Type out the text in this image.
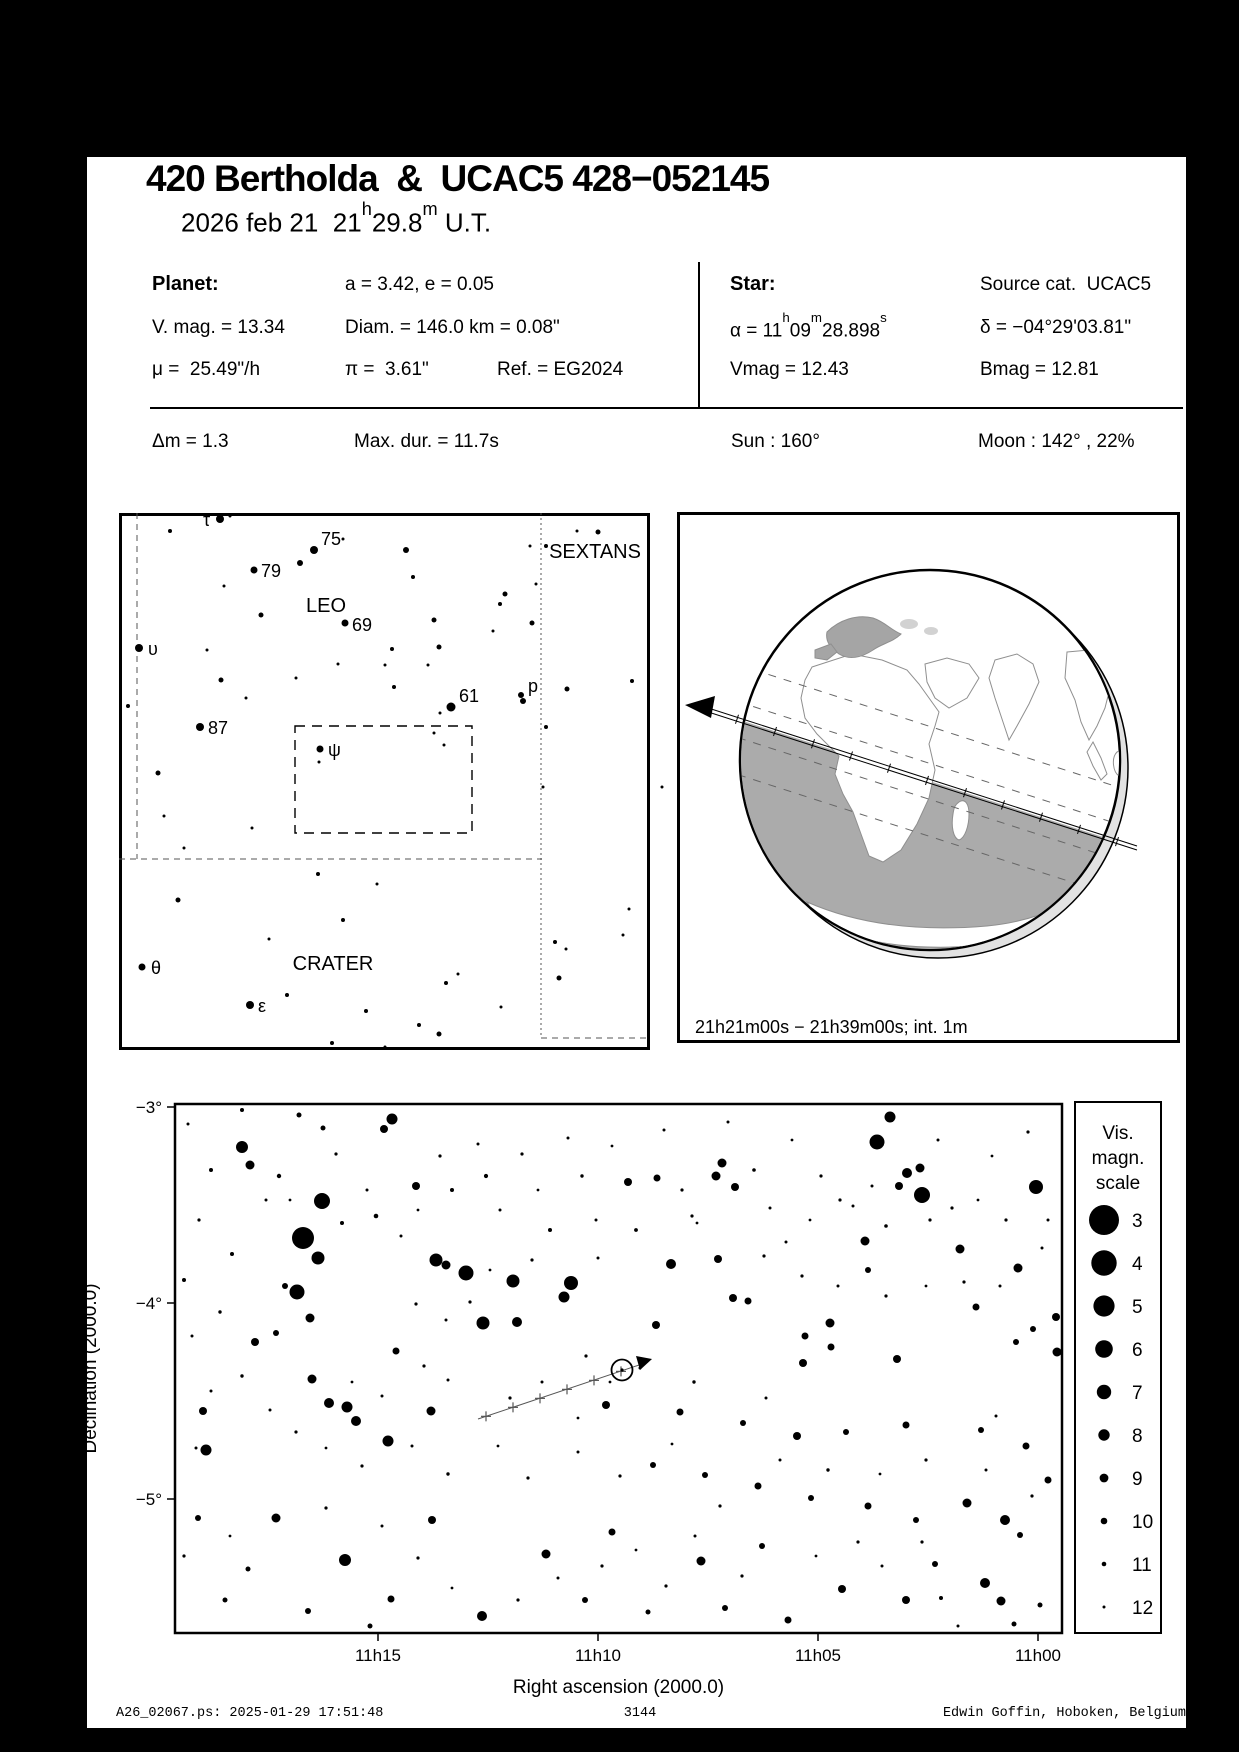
420 Bertholda  &  UCAC5 428−052145
2026 feb 21  21$^h$29.8$^m$ U.T.
Planet:	a = 3.42, e = 0.05	Star:	Source cat.  UCAC5
V. mag. = 13.34	Diam. = 146.0 km = 0.08"	$\alpha = 11^h09^m28.898^s$	δ = −04°29'03.81"
μ =  25.49"/h	π =  3.61"	Ref. = EG2024	Vmag = 12.43	Bmag = 12.81
Δm = 1.3	Max. dur. = 11.7s	Sun : 160°	Moon : 142° , 22%
τ
75
79
69
υ
61	p
87
ψ
θ
ε
LEO
SEXTANS
CRATER
21h21m00s − 21h39m00s; int. 1m
11h15	11h10	11h05	11h00
−3°
−4°
−5°
Right ascension (2000.0)
Declination (2000.0)
Vis.
magn.
scale
3
4
5
6
7
8
9
10
11
12
A26_02067.ps: 2025-01-29 17:51:48	3144	Edwin Goffin, Hoboken, Belgium
